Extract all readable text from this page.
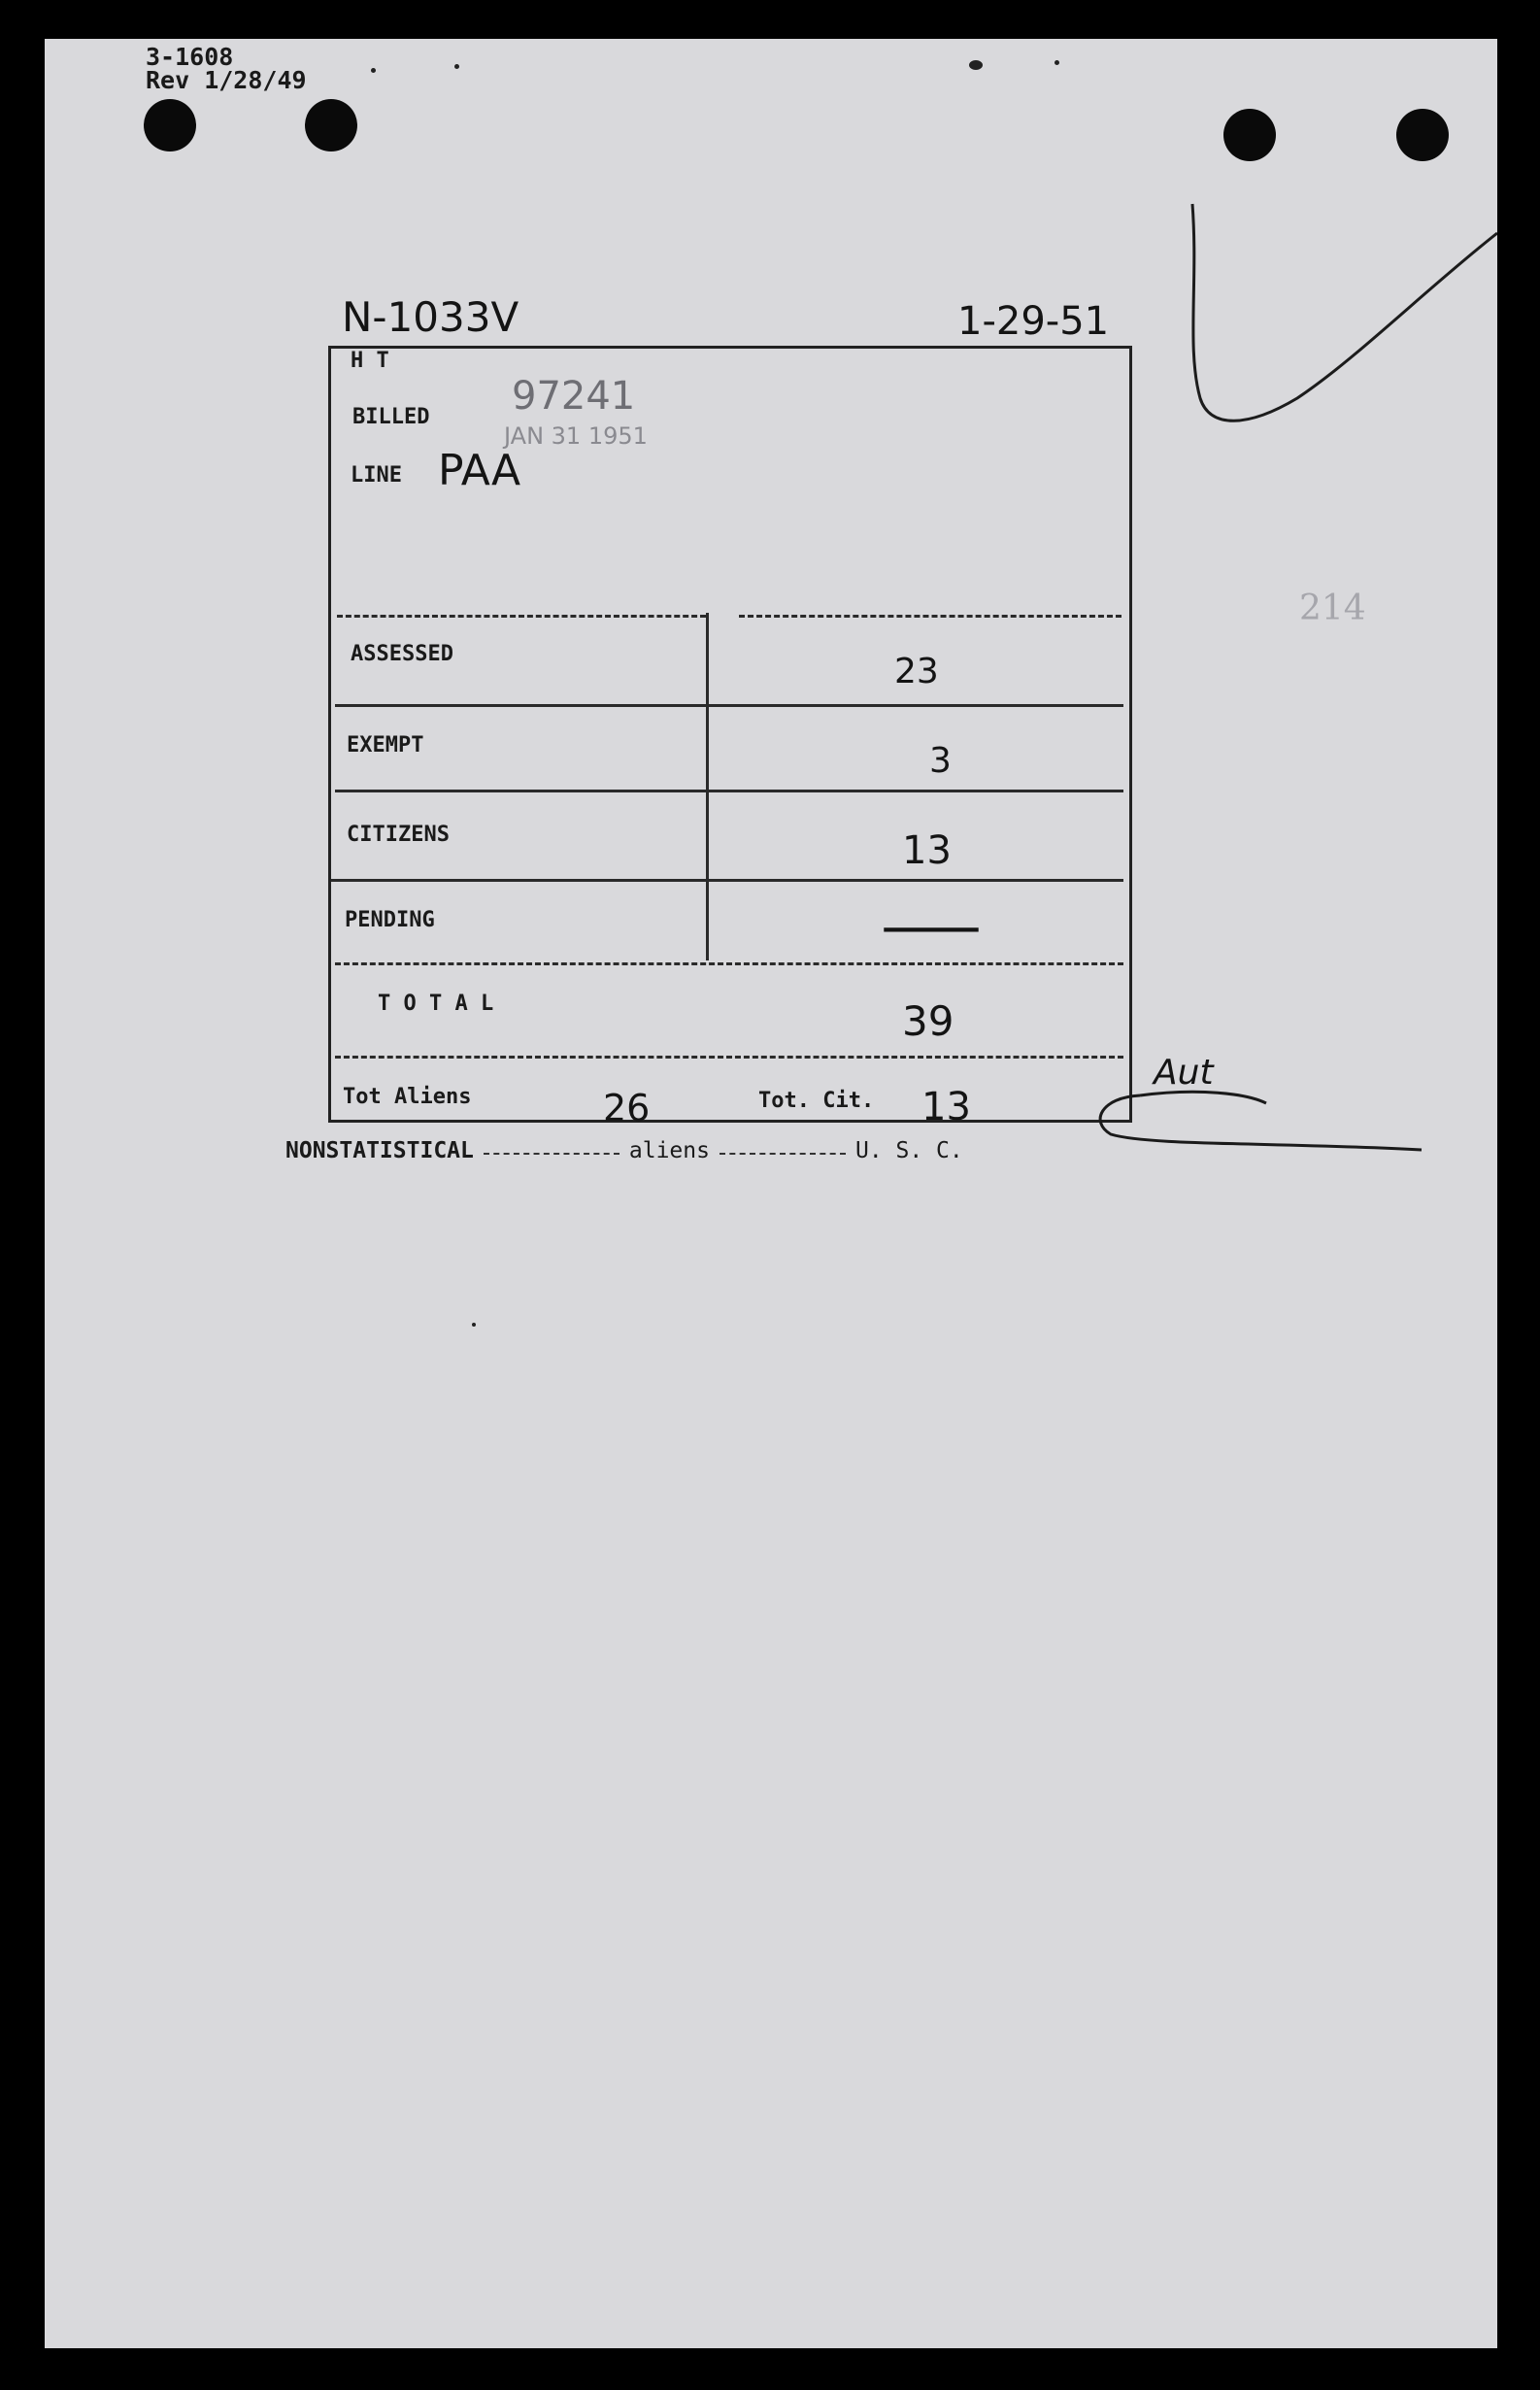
3-1608
Rev 1/28/49
N-1033V	1-29-51
H T
BILLED
LINE PAA
97241
JAN 31 1951
ASSESSED	23
EXEMPT	3
CITIZENS	13
PENDING	—
T O T A L	39
Tot Aliens	26	Tot. Cit. 13
Aut
214
NONSTATISTICAL	aliens	U. S. C.
